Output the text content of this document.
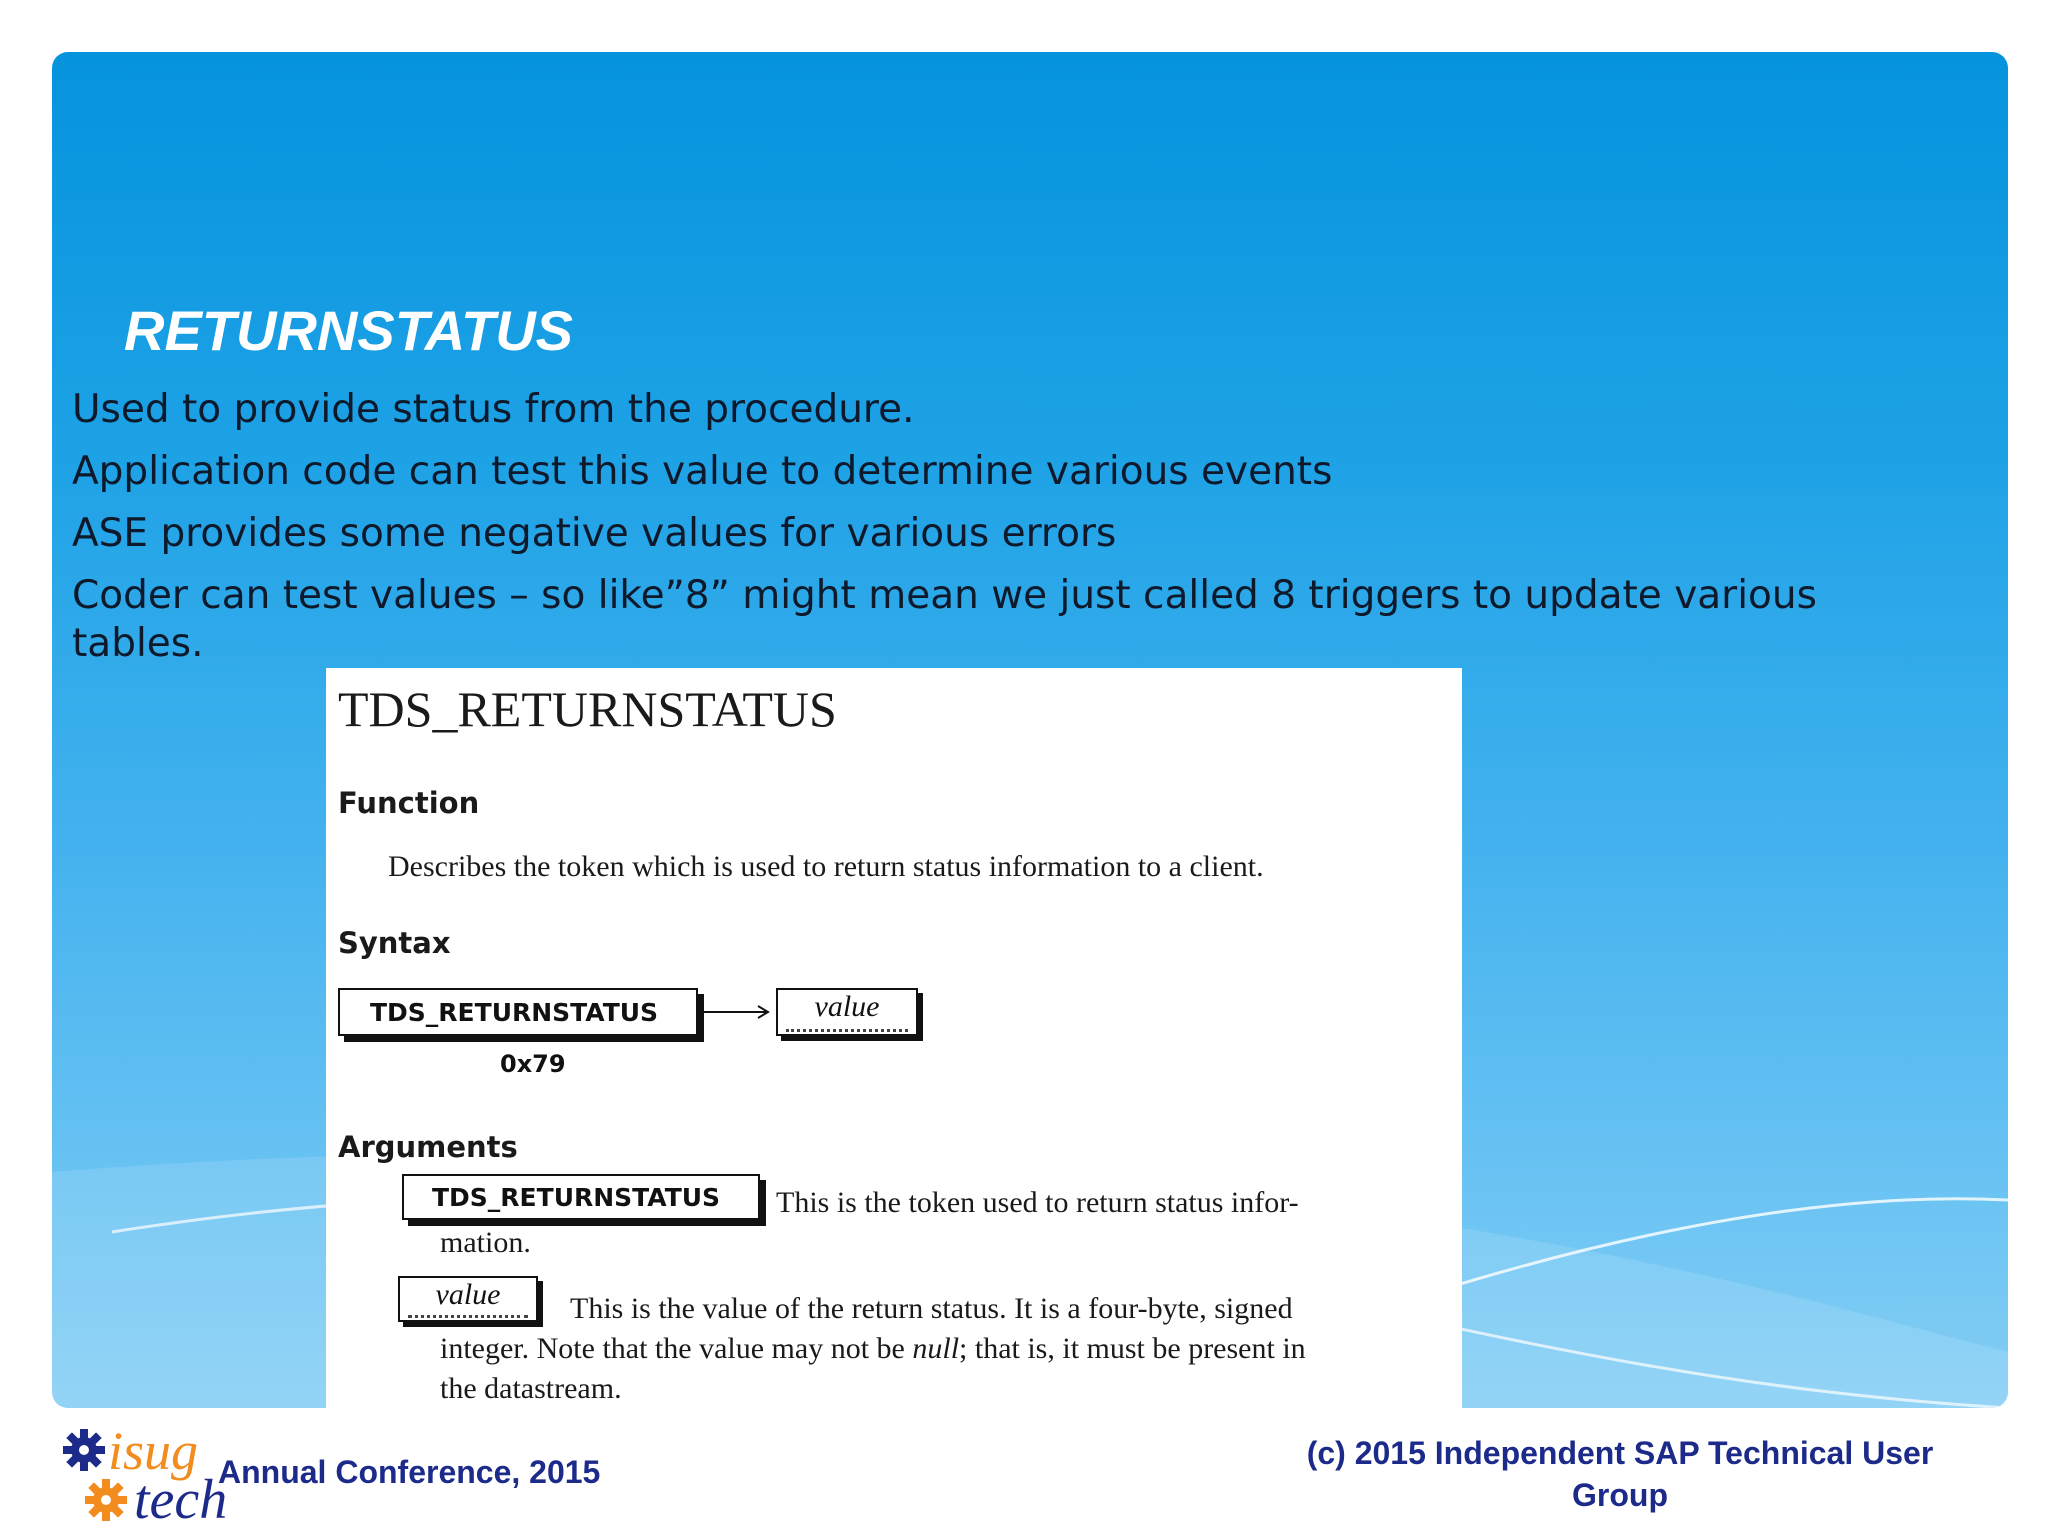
RETURNSTATUS
Used to provide status from the procedure.
Application code can test this value to determine various events
ASE provides some negative values for various errors
Coder can test values – so like”8” might mean we just called 8 triggers to update various tables.
TDS_RETURNSTATUS
Function
Describes the token which is used to return status information to a client.
Syntax
TDS_RETURNSTATUS	value
0x79
Arguments
TDS_RETURNSTATUS This is the token used to return status infor-
mation.
value This is the value of the return status. It is a four-byte, signed
integer. Note that the value may not be null; that is, it must be present in
the datastream.
isug
tech
Annual Conference, 2015
(c) 2015 Independent SAP Technical User Group
